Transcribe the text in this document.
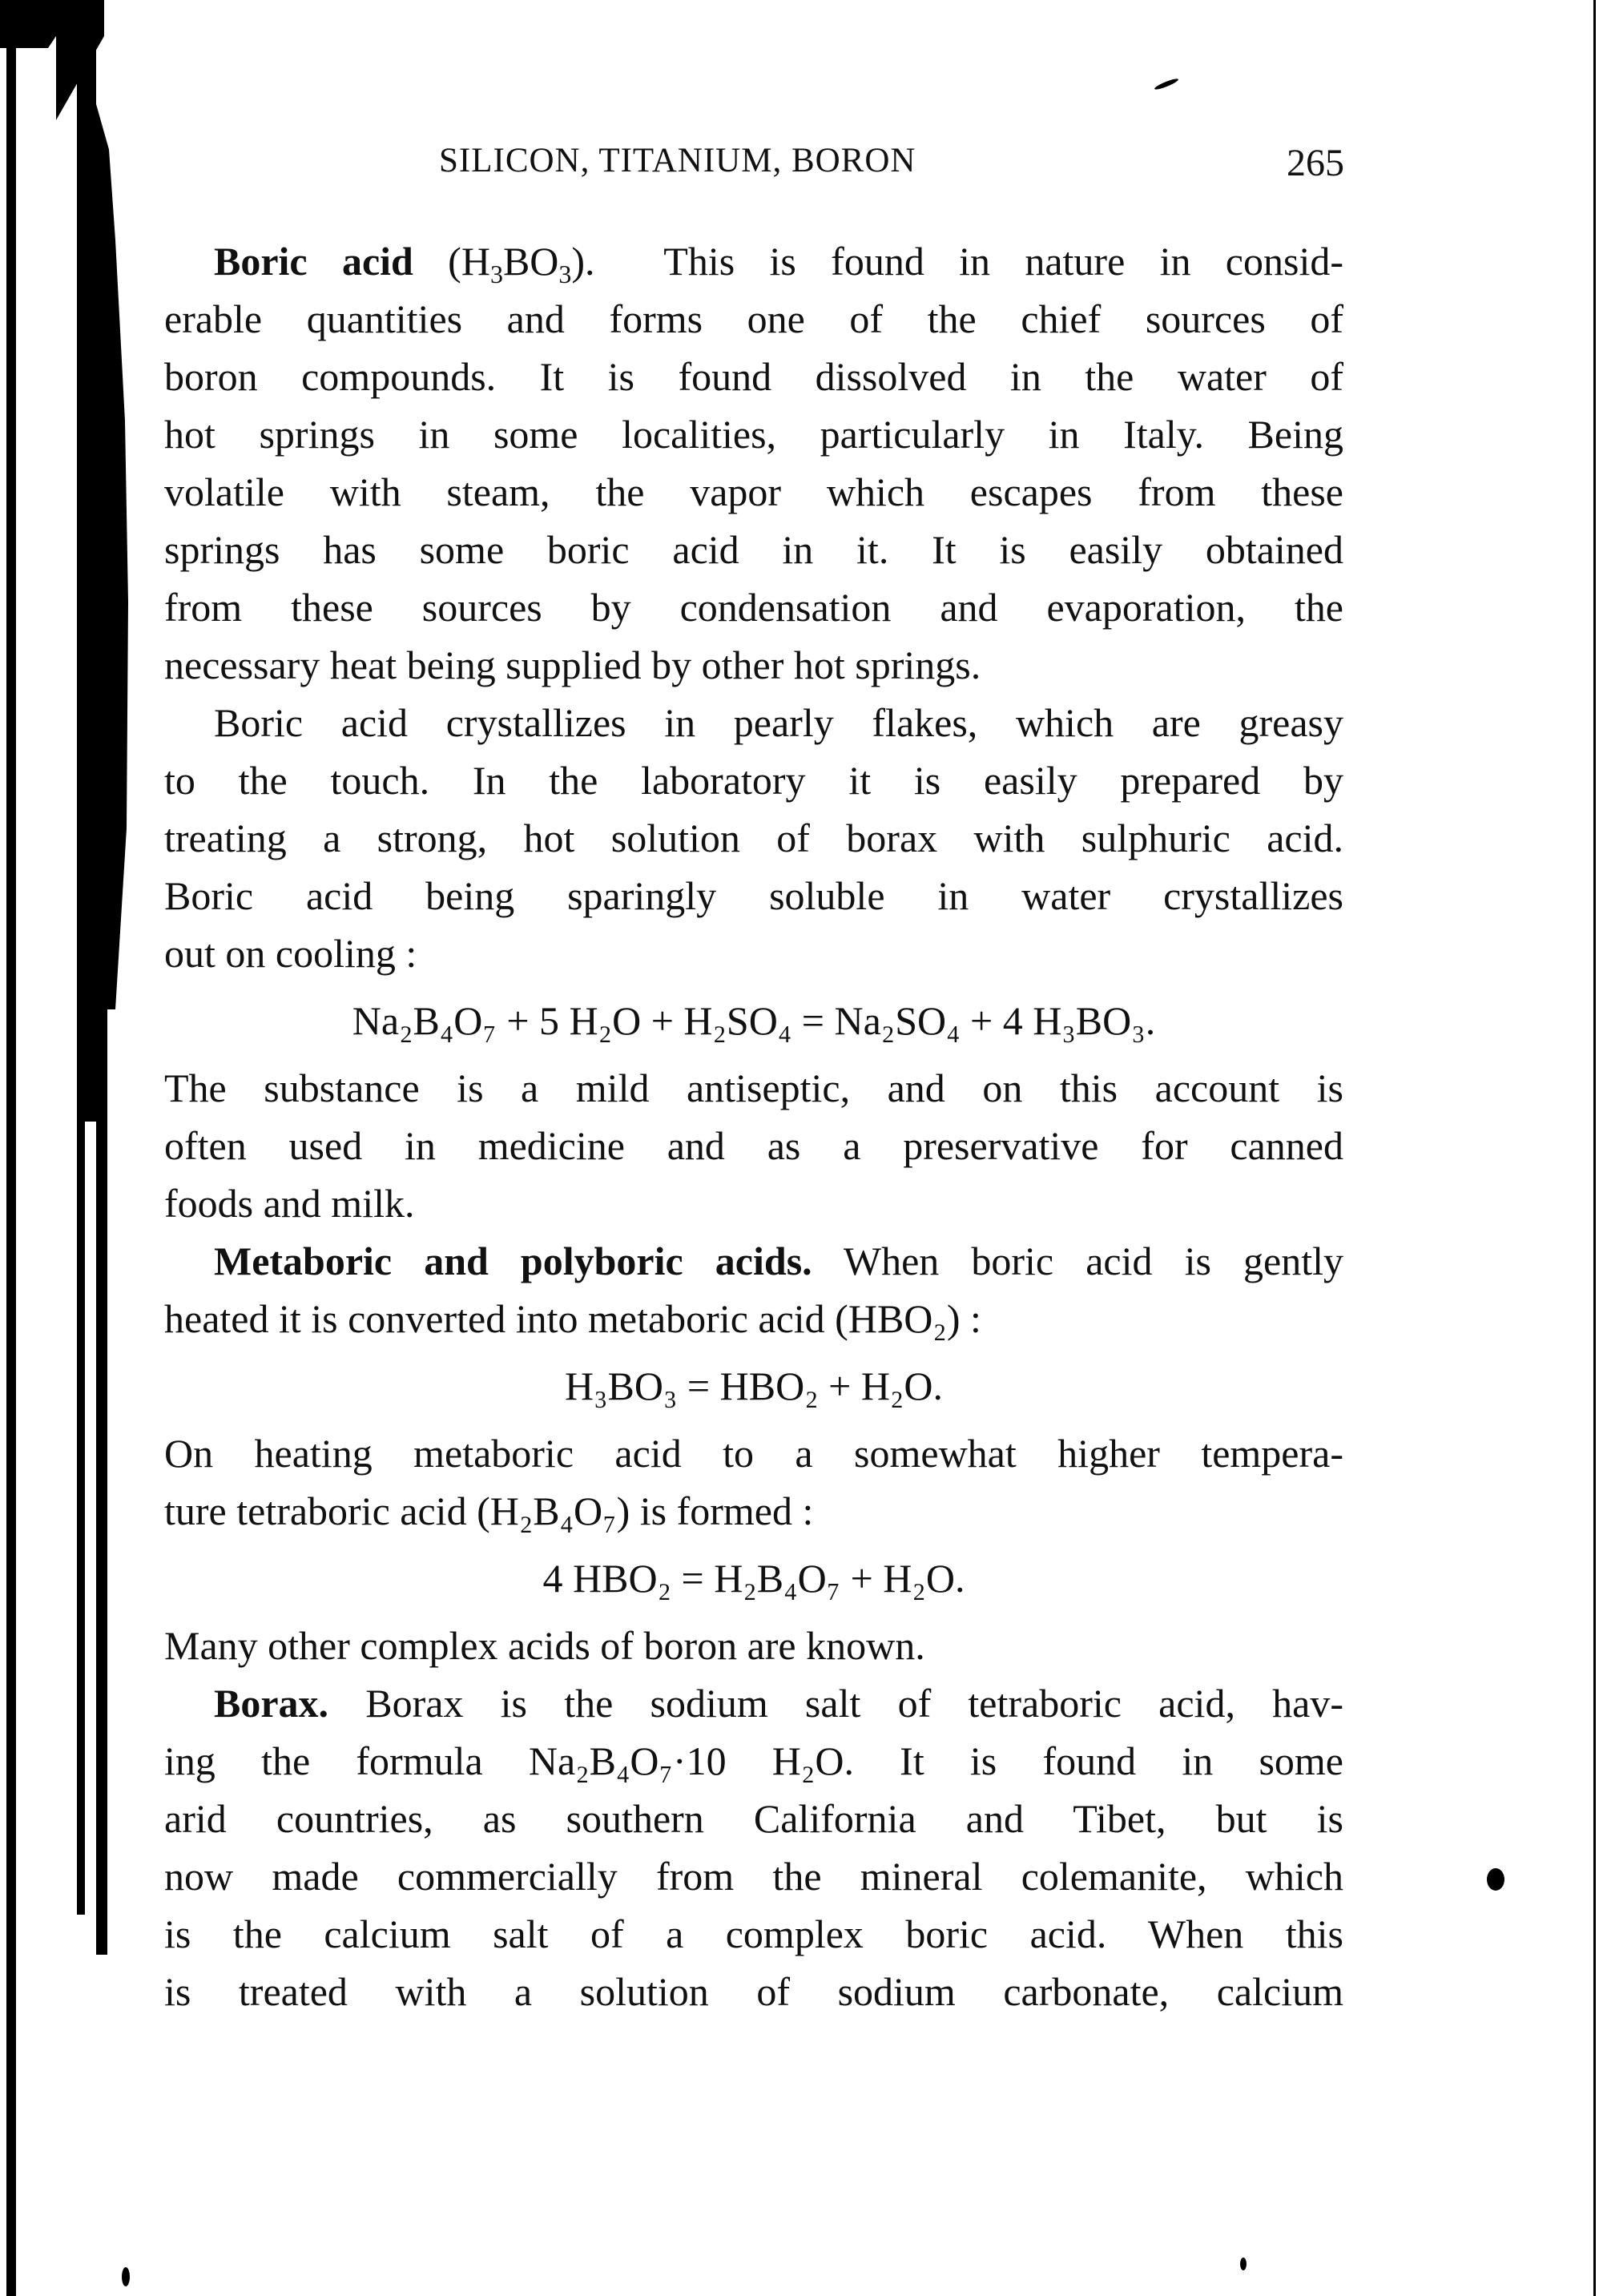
SILICON, TITANIUM, BORON	265

Boric acid $(H_3BO_3)$. This is found in nature in consid-

erable quantities and forms one of the chief sources of

boron compounds. It is found dissolved in the water of

hot springs in some localities, particularly in Italy. Being

volatile with steam, the vapor which escapes from these

springs has some boric acid in it. It is easily obtained

from these sources by condensation and evaporation, the

necessary heat being supplied by other hot springs.

Boric acid crystallizes in pearly flakes, which are greasy

to the touch. In the laboratory it is easily prepared by

treating a strong, hot solution of borax with sulphuric acid.

Boric acid being sparingly soluble in water crystallizes

out on cooling :

Na₂B₄O₇ + 5 H₂O + H₂SO₄ = Na₂SO₄ + 4 H₃BO₃.

The substance is a mild antiseptic, and on this account is

often used in medicine and as a preservative for canned

foods and milk.

Metaboric and polyboric acids. When boric acid is gently

heated it is converted into metaboric acid (HBO₂) :

H₃BO₃ = HBO₂ + H₂O.

On heating metaboric acid to a somewhat higher tempera-

ture tetraboric acid (H₂B₄O₇) is formed :

4 HBO₂ = H₂B₄O₇ + H₂O.

Many other complex acids of boron are known.

Borax. Borax is the sodium salt of tetraboric acid, hav-

ing the formula Na₂B₄O₇·10 H₂O. It is found in some

arid countries, as southern California and Tibet, but is

now made commercially from the mineral colemanite, which

is the calcium salt of a complex boric acid. When this

is treated with a solution of sodium carbonate, calcium
